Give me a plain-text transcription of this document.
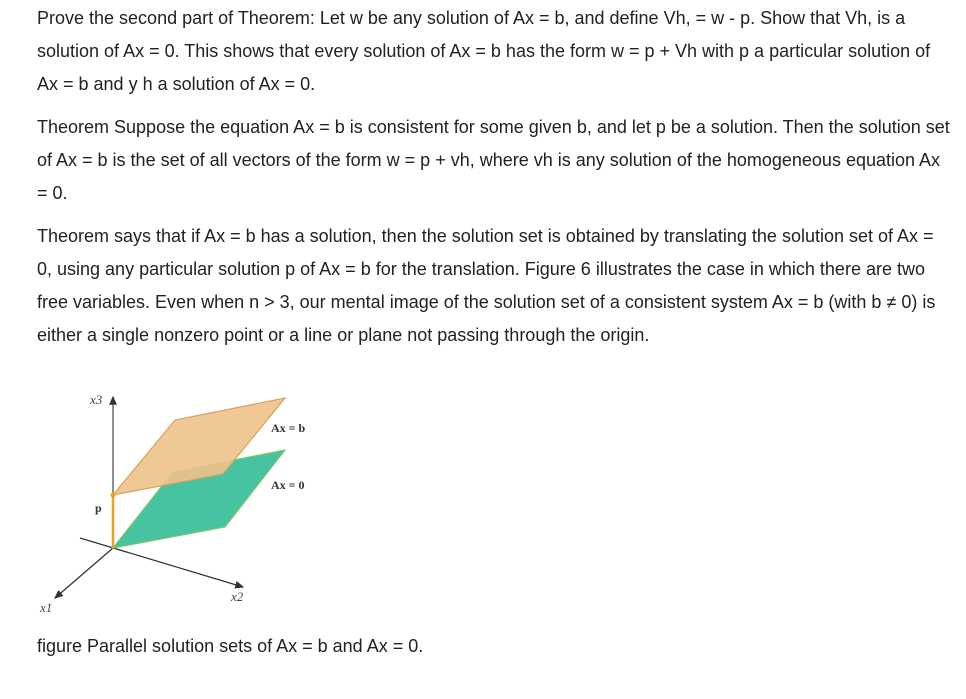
Prove the second part of Theorem: Let w be any solution of Ax = b, and define Vh, = w - p. Show that Vh, is a solution of Ax = 0. This shows that every solution of Ax = b has the form w = p + Vh with p a particular solution of Ax = b and y h a solution of Ax = 0.

Theorem Suppose the equation Ax = b is consistent for some given b, and let p be a solution. Then the solution set of Ax = b is the set of all vectors of the form w = p + vh, where vh is any solution of the homogeneous equation Ax = 0.

Theorem says that if Ax = b has a solution, then the solution set is obtained by translating the solution set of Ax = 0, using any particular solution p of Ax = b for the translation. Figure 6 illustrates the case in which there are two free variables. Even when n > 3, our mental image of the solution set of a consistent system Ax = b (with b ≠ 0) is either a single nonzero point or a line or plane not passing through the origin.

Ax = b
Ax = 0
p
x3
x1
x2
figure Parallel solution sets of Ax = b and Ax = 0.
